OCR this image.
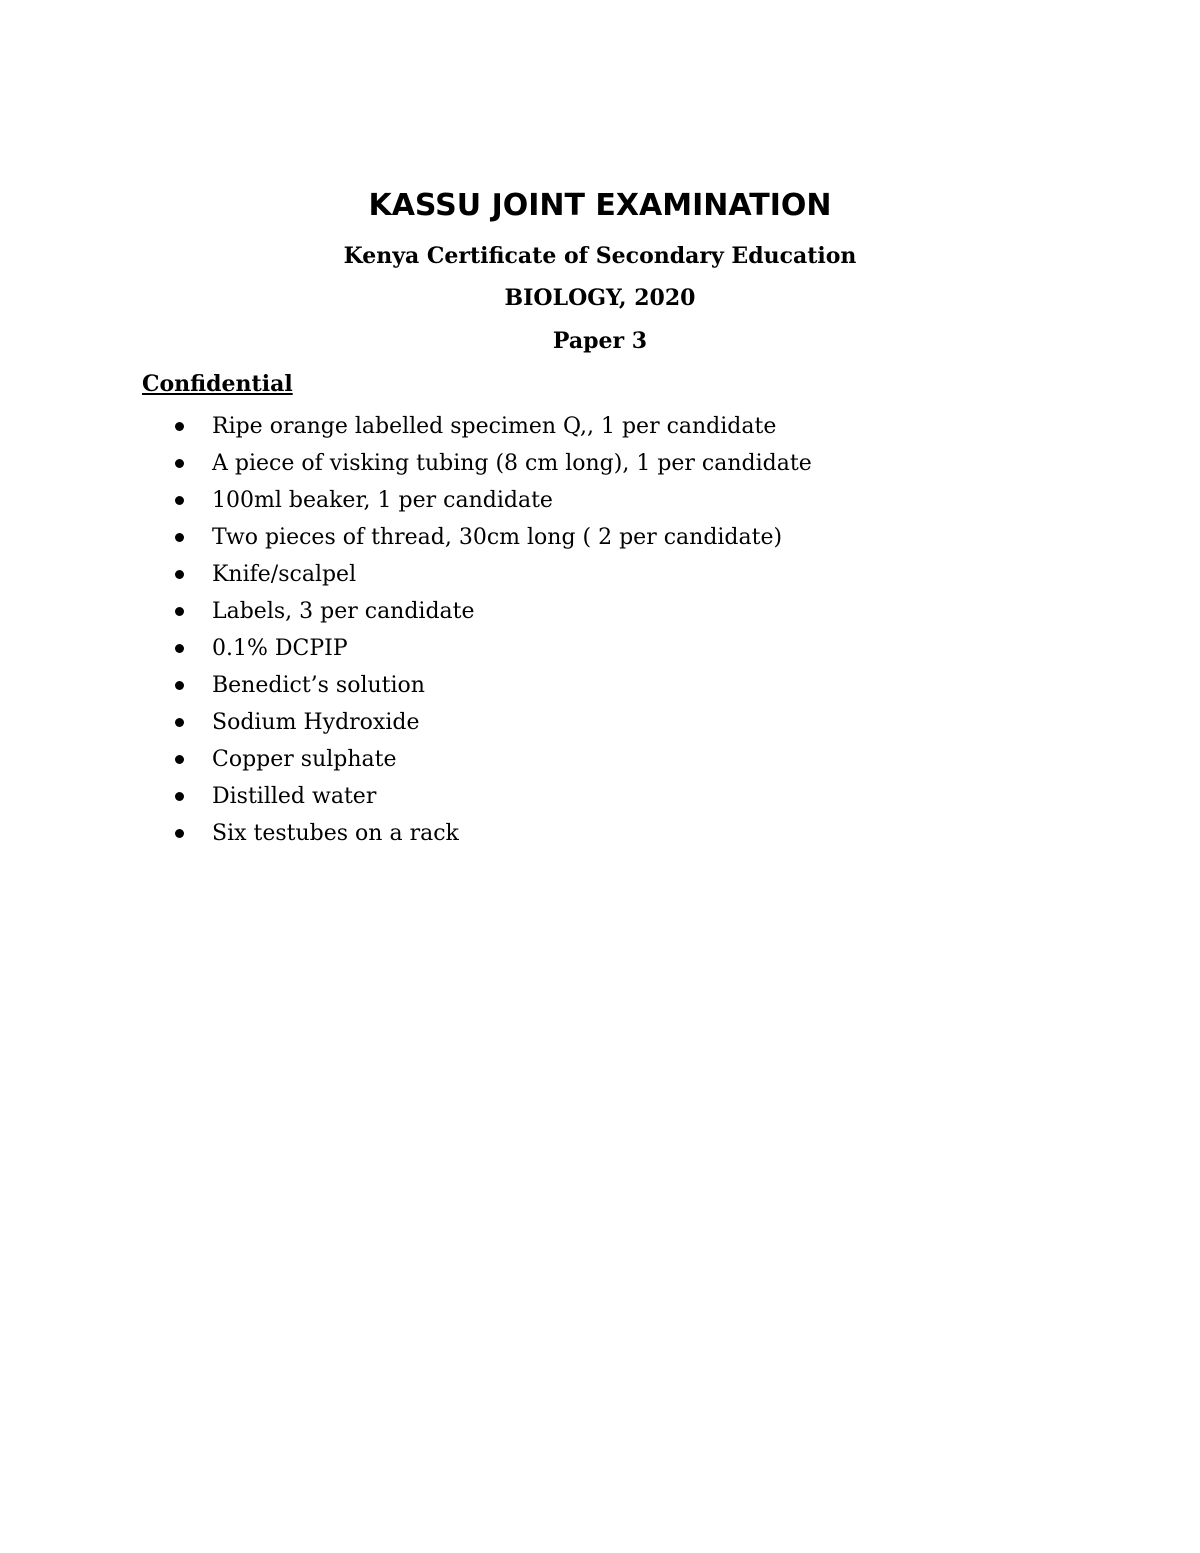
KASSU JOINT EXAMINATION

Kenya Certificate of Secondary Education

BIOLOGY, 2020

Paper 3

Confidential

Ripe orange labelled specimen Q,, 1 per candidate
A piece of visking tubing (8 cm long), 1 per candidate
100ml beaker, 1 per candidate
Two pieces of thread, 30cm long ( 2 per candidate)
Knife/scalpel
Labels, 3 per candidate
0.1% DCPIP
Benedict’s solution
Sodium Hydroxide
Copper sulphate
Distilled water
Six testubes on a rack
